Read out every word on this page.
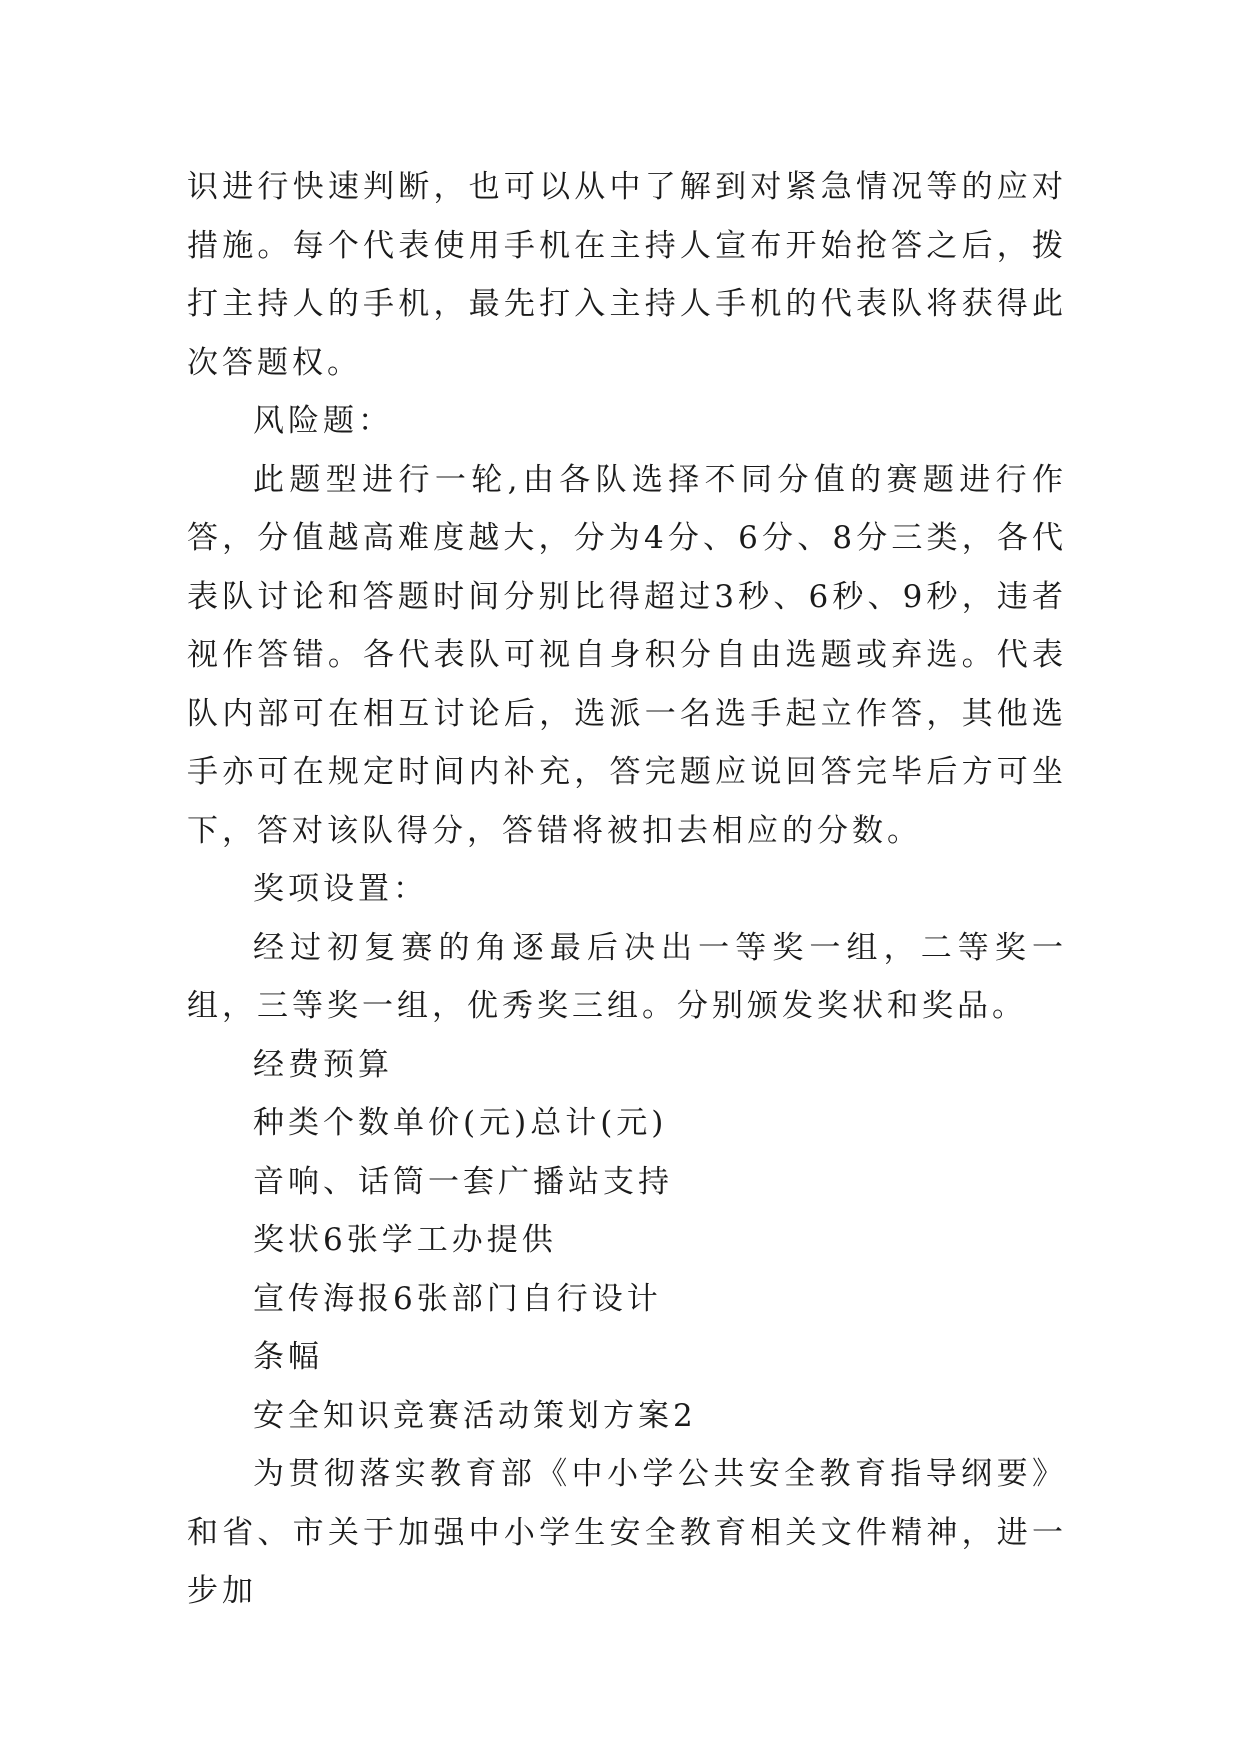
识进行快速判断，也可以从中了解到对紧急情况等的应对措施。每个代表使用手机在主持人宣布开始抢答之后，拨打主持人的手机，最先打入主持人手机的代表队将获得此次答题权。

风险题：

此题型进行一轮,由各队选择不同分值的赛题进行作答，分值越高难度越大，分为4分、6分、8分三类，各代表队讨论和答题时间分别比得超过3秒、6秒、9秒，违者视作答错。各代表队可视自身积分自由选题或弃选。代表队内部可在相互讨论后，选派一名选手起立作答，其他选手亦可在规定时间内补充，答完题应说回答完毕后方可坐下，答对该队得分，答错将被扣去相应的分数。

奖项设置：

经过初复赛的角逐最后决出一等奖一组，二等奖一组，三等奖一组，优秀奖三组。分别颁发奖状和奖品。

经费预算

种类个数单价(元)总计(元)

音响、话筒一套广播站支持

奖状6张学工办提供

宣传海报6张部门自行设计

条幅

安全知识竞赛活动策划方案2

为贯彻落实教育部《中小学公共安全教育指导纲要》和省、市关于加强中小学生安全教育相关文件精神，进一步加
